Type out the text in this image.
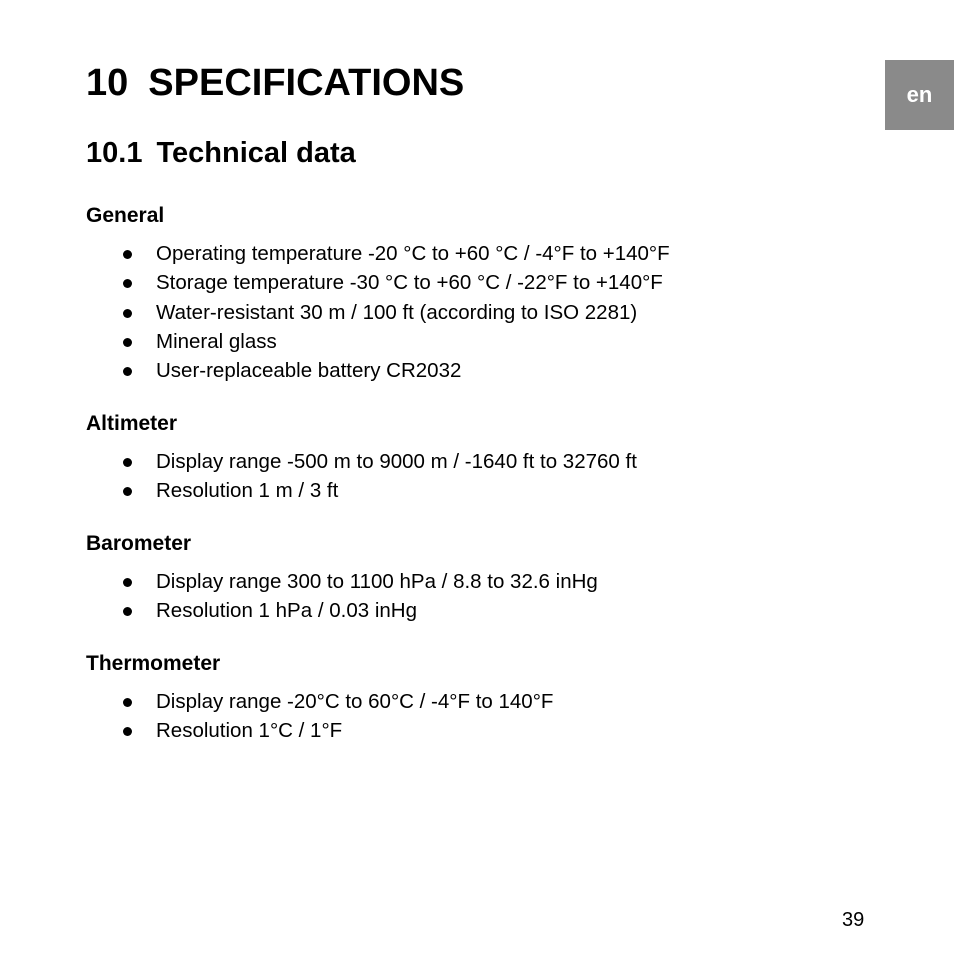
en
10 SPECIFICATIONS
10.1 Technical data
General
Operating temperature -20 °C to +60 °C / -4°F to +140°F
Storage temperature -30 °C to +60 °C / -22°F to +140°F
Water-resistant 30 m / 100 ft (according to ISO 2281)
Mineral glass
User-replaceable battery CR2032
Altimeter
Display range -500 m to 9000 m / -1640 ft to 32760 ft
Resolution 1 m / 3 ft
Barometer
Display range 300 to 1100 hPa / 8.8 to 32.6 inHg
Resolution 1 hPa / 0.03 inHg
Thermometer
Display range -20°C to 60°C / -4°F to 140°F
Resolution 1°C / 1°F
39
